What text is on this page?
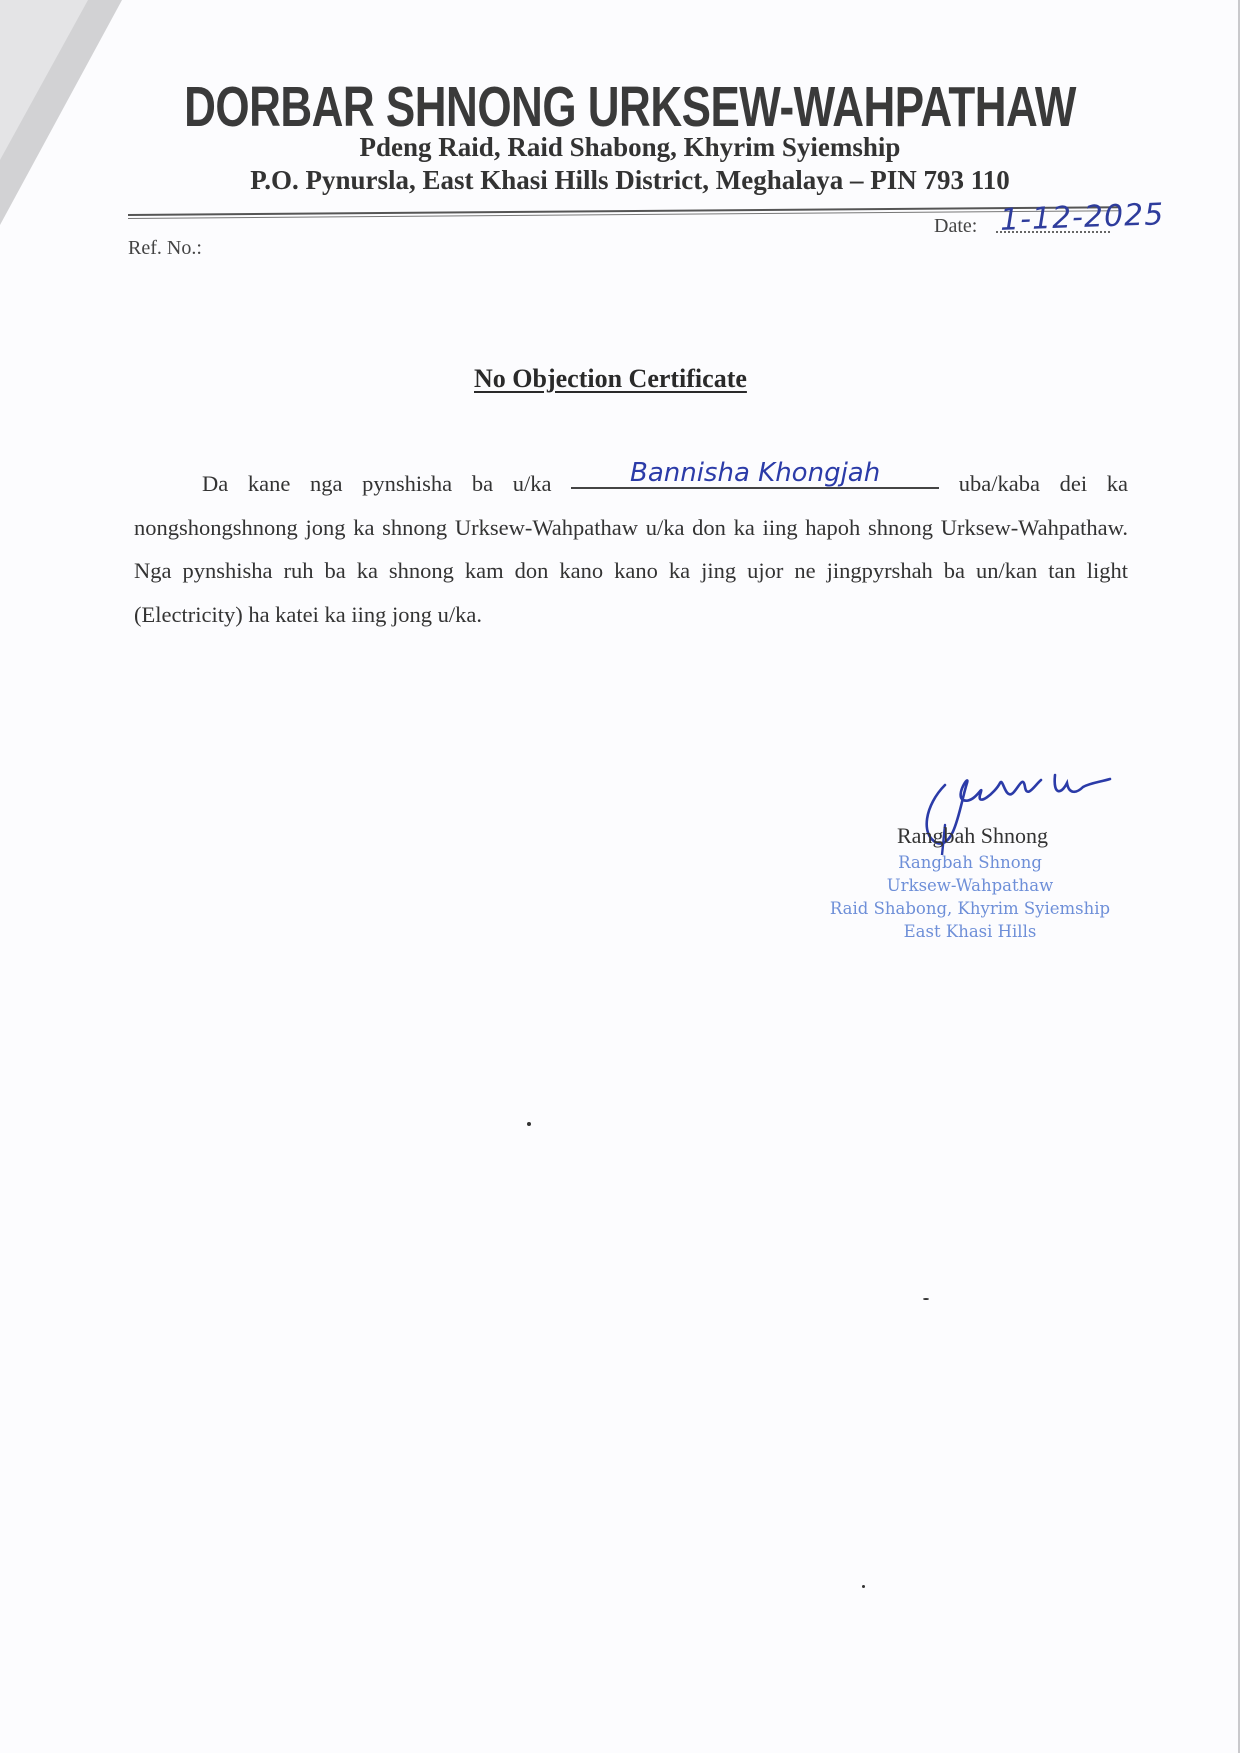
DORBAR SHNONG URKSEW-WAHPATHAW
Pdeng Raid, Raid Shabong, Khyrim Syiemship
P.O. Pynursla, East Khasi Hills District, Meghalaya – PIN 793 110
Ref. No.:
Date: 1-12-2025
No Objection Certificate
Da kane nga pynshisha ba u/ka	Bannisha Khongjah	uba/kaba dei ka nongshongshnong jong ka shnong Urksew-Wahpathaw u/ka don ka iing hapoh shnong Urksew-Wahpathaw. Nga pynshisha ruh ba ka shnong kam don kano kano ka jing ujor ne jingpyrshah ba un/kan tan light (Electricity) ha katei ka iing jong u/ka.
Rangbah Shnong
Rangbah Shnong
Urksew-Wahpathaw
Raid Shabong, Khyrim Syiemship
East Khasi Hills
